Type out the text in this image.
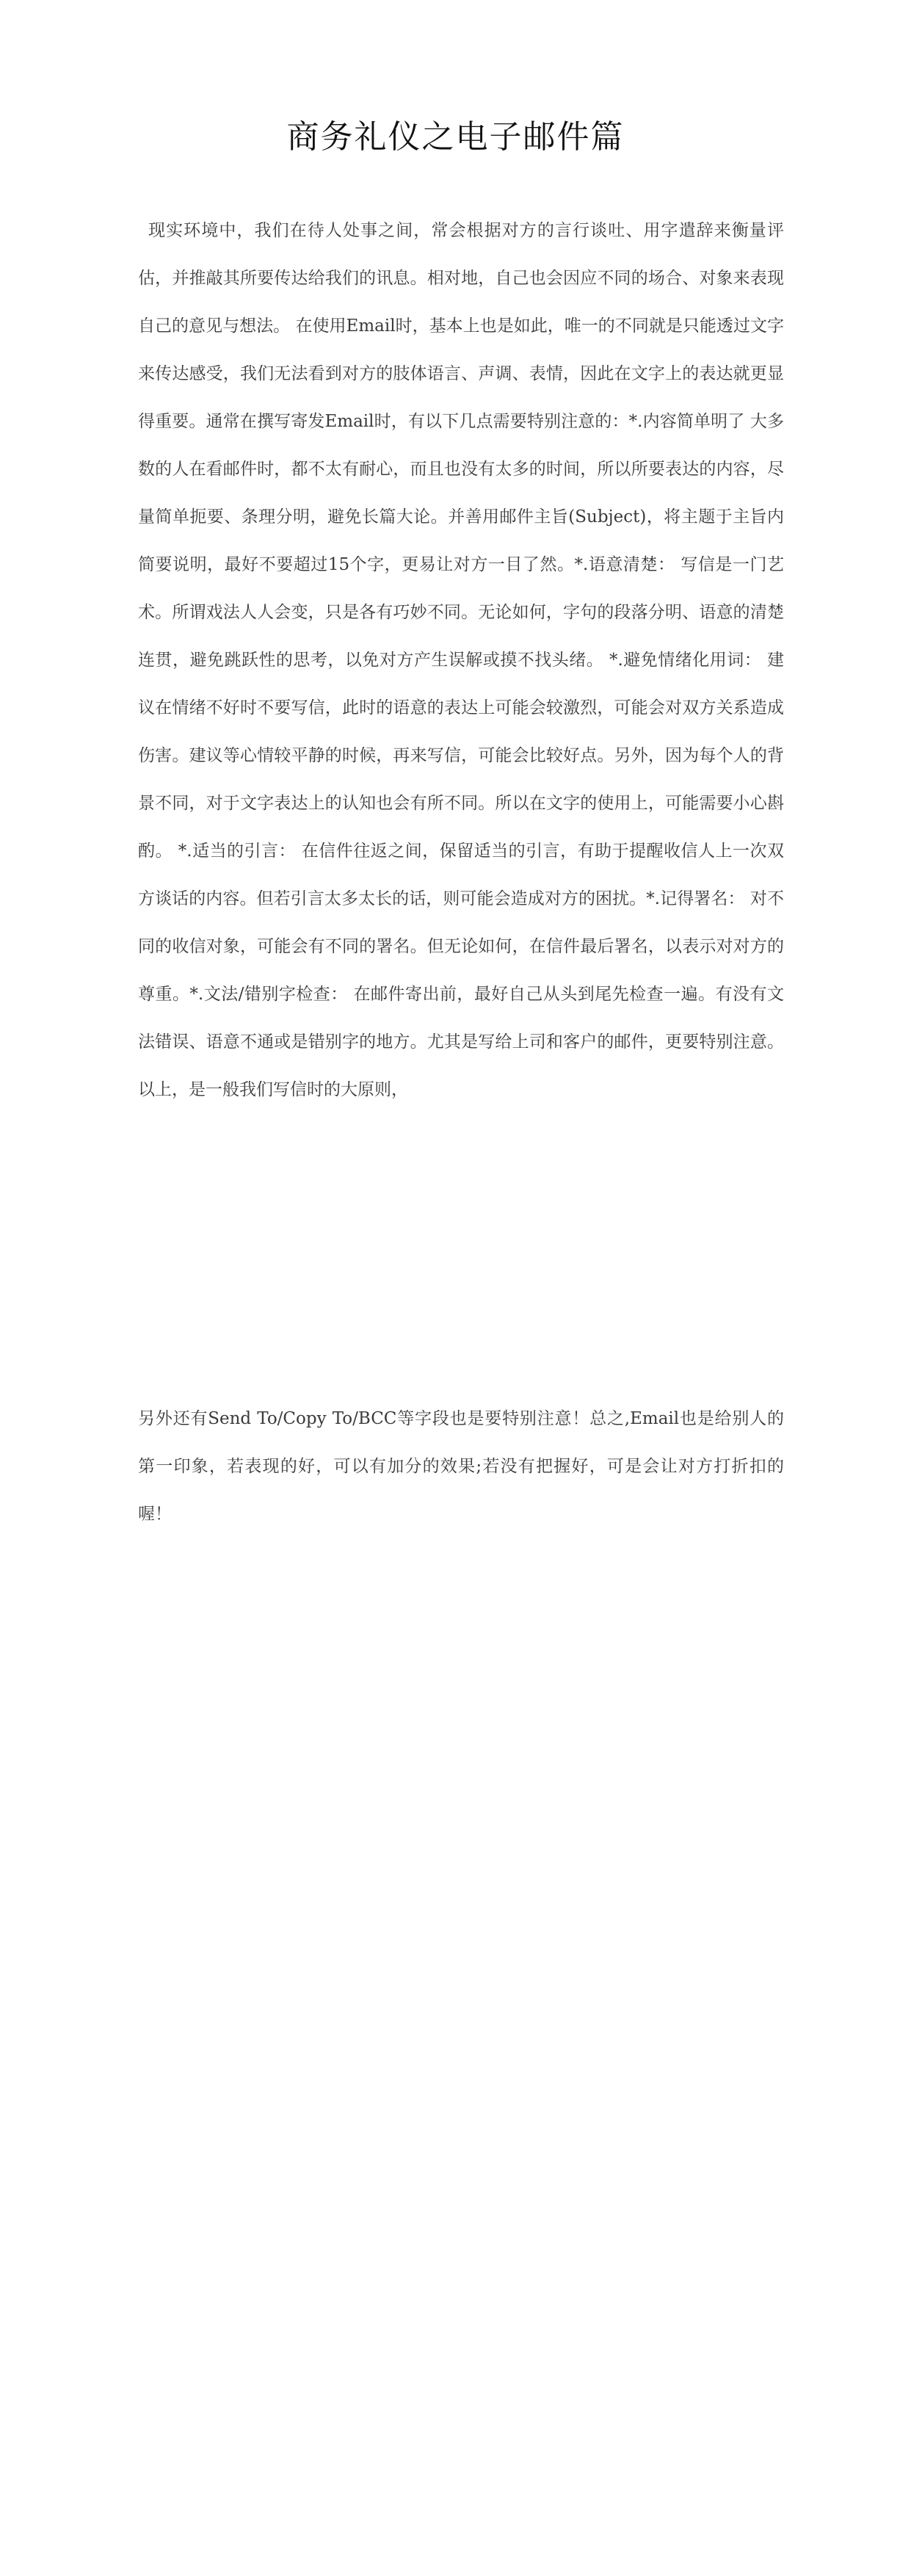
商务礼仪之电子邮件篇

现实环境中，我们在待人处事之间，常会根据对方的言行谈吐、用字遣辞来衡量评估，并推敲其所要传达给我们的讯息。相对地，自己也会因应不同的场合、对象来表现自己的意见与想法。 在使用Email时，基本上也是如此，唯一的不同就是只能透过文字来传达感受，我们无法看到对方的肢体语言、声调、表情，因此在文字上的表达就更显得重要。通常在撰写寄发Email时，有以下几点需要特别注意的：*.内容简单明了 大多数的人在看邮件时，都不太有耐心，而且也没有太多的时间，所以所要表达的内容，尽量简单扼要、条理分明，避免长篇大论。并善用邮件主旨(Subject)，将主题于主旨内简要说明，最好不要超过15个字，更易让对方一目了然。*.语意清楚： 写信是一门艺术。所谓戏法人人会变，只是各有巧妙不同。无论如何，字句的段落分明、语意的清楚连贯，避免跳跃性的思考，以免对方产生误解或摸不找头绪。 *.避免情绪化用词： 建议在情绪不好时不要写信，此时的语意的表达上可能会较激烈，可能会对双方关系造成伤害。建议等心情较平静的时候，再来写信，可能会比较好点。另外，因为每个人的背景不同，对于文字表达上的认知也会有所不同。所以在文字的使用上，可能需要小心斟酌。 *.适当的引言： 在信件往返之间，保留适当的引言，有助于提醒收信人上一次双方谈话的内容。但若引言太多太长的话，则可能会造成对方的困扰。*.记得署名： 对不同的收信对象，可能会有不同的署名。但无论如何，在信件最后署名，以表示对对方的尊重。*.文法/错别字检查： 在邮件寄出前，最好自己从头到尾先检查一遍。有没有文法错误、语意不通或是错别字的地方。尤其是写给上司和客户的邮件，更要特别注意。 以上，是一般我们写信时的大原则，

另外还有Send To/Copy To/BCC等字段也是要特别注意！总之,Email也是给别人的第一印象，若表现的好，可以有加分的效果;若没有把握好，可是会让对方打折扣的喔！
